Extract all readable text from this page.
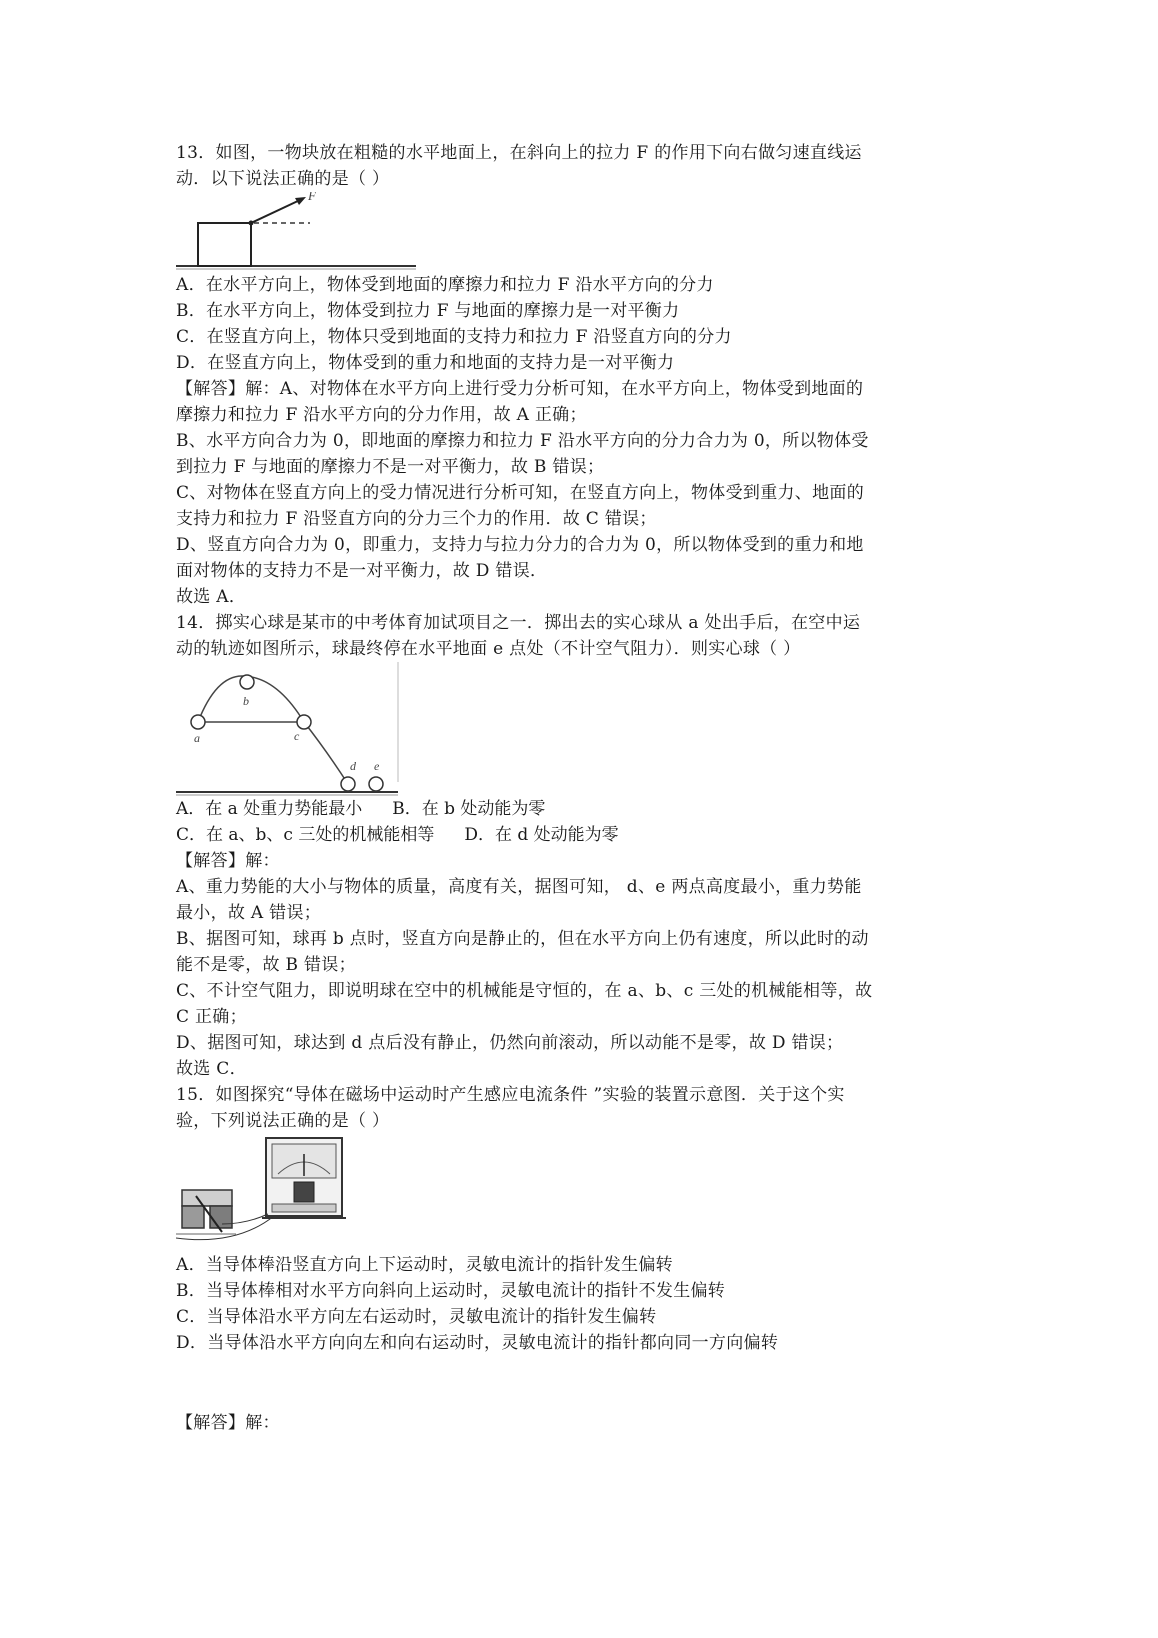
13．如图，一物块放在粗糙的水平地面上，在斜向上的拉力 F 的作用下向右做匀速直线运
动．以下说法正确的是（ ）
F
A．在水平方向上，物体受到地面的摩擦力和拉力 F 沿水平方向的分力
B．在水平方向上，物体受到拉力 F 与地面的摩擦力是一对平衡力
C．在竖直方向上，物体只受到地面的支持力和拉力 F 沿竖直方向的分力
D．在竖直方向上，物体受到的重力和地面的支持力是一对平衡力
【解答】解：A、对物体在水平方向上进行受力分析可知，在水平方向上，物体受到地面的
摩擦力和拉力 F 沿水平方向的分力作用，故 A 正确；
B、水平方向合力为 0，即地面的摩擦力和拉力 F 沿水平方向的分力合力为 0，所以物体受
到拉力 F 与地面的摩擦力不是一对平衡力，故 B 错误；
C、对物体在竖直方向上的受力情况进行分析可知，在竖直方向上，物体受到重力、地面的
支持力和拉力 F 沿竖直方向的分力三个力的作用．故 C 错误；
D、竖直方向合力为 0，即重力，支持力与拉力分力的合力为 0，所以物体受到的重力和地
面对物体的支持力不是一对平衡力，故 D 错误．
故选 A．
14．掷实心球是某市的中考体育加试项目之一．掷出去的实心球从 a 处出手后，在空中运
动的轨迹如图所示，球最终停在水平地面 e 点处（不计空气阻力）．则实心球（ ）
a
b
c
d e
A．在 a 处重力势能最小 B．在 b 处动能为零
C．在 a、b、c 三处的机械能相等 D．在 d 处动能为零
【解答】解：
A、重力势能的大小与物体的质量，高度有关，据图可知， d、e 两点高度最小，重力势能
最小，故 A 错误；
B、据图可知，球再 b 点时，竖直方向是静止的，但在水平方向上仍有速度，所以此时的动
能不是零，故 B 错误；
C、不计空气阻力，即说明球在空中的机械能是守恒的，在 a、b、c 三处的机械能相等，故
C 正确；
D、据图可知，球达到 d 点后没有静止，仍然向前滚动，所以动能不是零，故 D 错误；
故选 C．
15．如图探究“导体在磁场中运动时产生感应电流条件 ”实验的装置示意图．关于这个实
验，下列说法正确的是（ ）
A．当导体棒沿竖直方向上下运动时，灵敏电流计的指针发生偏转
B．当导体棒相对水平方向斜向上运动时，灵敏电流计的指针不发生偏转
C．当导体沿水平方向左右运动时，灵敏电流计的指针发生偏转
D．当导体沿水平方向向左和向右运动时，灵敏电流计的指针都向同一方向偏转
【解答】解：
